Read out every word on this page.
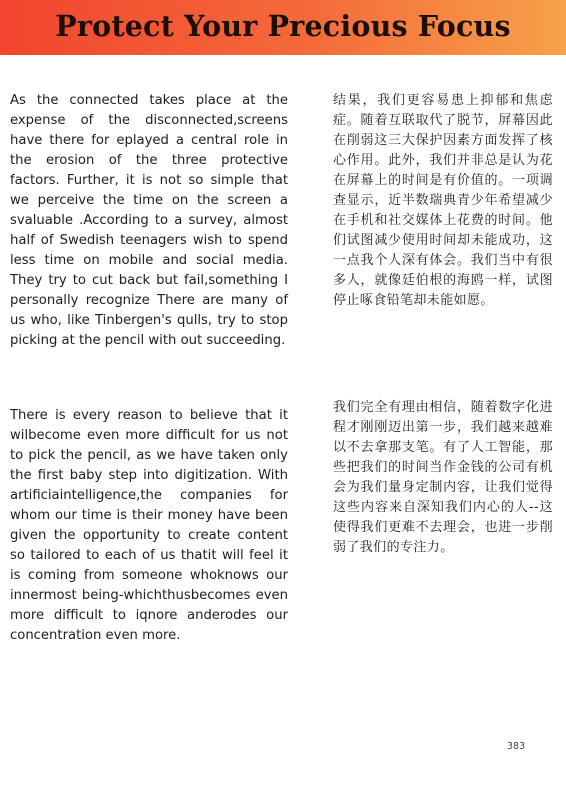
Protect Your Precious Focus

As the connected takes place at the expense of the disconnected,screens have there for eplayed a central role in the erosion of the three protective factors. Further, it is not so simple that we perceive the time on the screen a svaluable .According to a survey, almost half of Swedish teenagers wish to spend less time on mobile and social media. They try to cut back but fail,something I personally recognize There are many of us who, like Tinbergen's qulls, try to stop picking at the pencil with out succeeding.

结果，我们更容易患上抑郁和焦虑症。随着互联取代了脱节，屏幕因此在削弱这三大保护因素方面发挥了核心作用。此外，我们并非总是认为花在屏幕上的时间是有价值的。一项调查显示，近半数瑞典青少年希望减少在手机和社交媒体上花费的时间。他们试图减少使用时间却未能成功，这一点我个人深有体会。我们当中有很多人，就像廷伯根的海鸥一样，试图停止啄食铅笔却未能如愿。

There is every reason to believe that it wilbecome even more difficult for us not to pick the pencil, as we have taken only the first baby step into digitization. With artificiaintelligence,the companies for whom our time is their money have been given the opportunity to create content so tailored to each of us thatit will feel it is coming from someone whoknows our innermost being-whichthusbecomes even more difficult to iqnore anderodes our concentration even more.

我们完全有理由相信，随着数字化进程才刚刚迈出第一步，我们越来越难以不去拿那支笔。有了人工智能，那些把我们的时间当作金钱的公司有机会为我们量身定制内容，让我们觉得这些内容来自深知我们内心的人--这使得我们更难不去理会，也进一步削弱了我们的专注力。

383
